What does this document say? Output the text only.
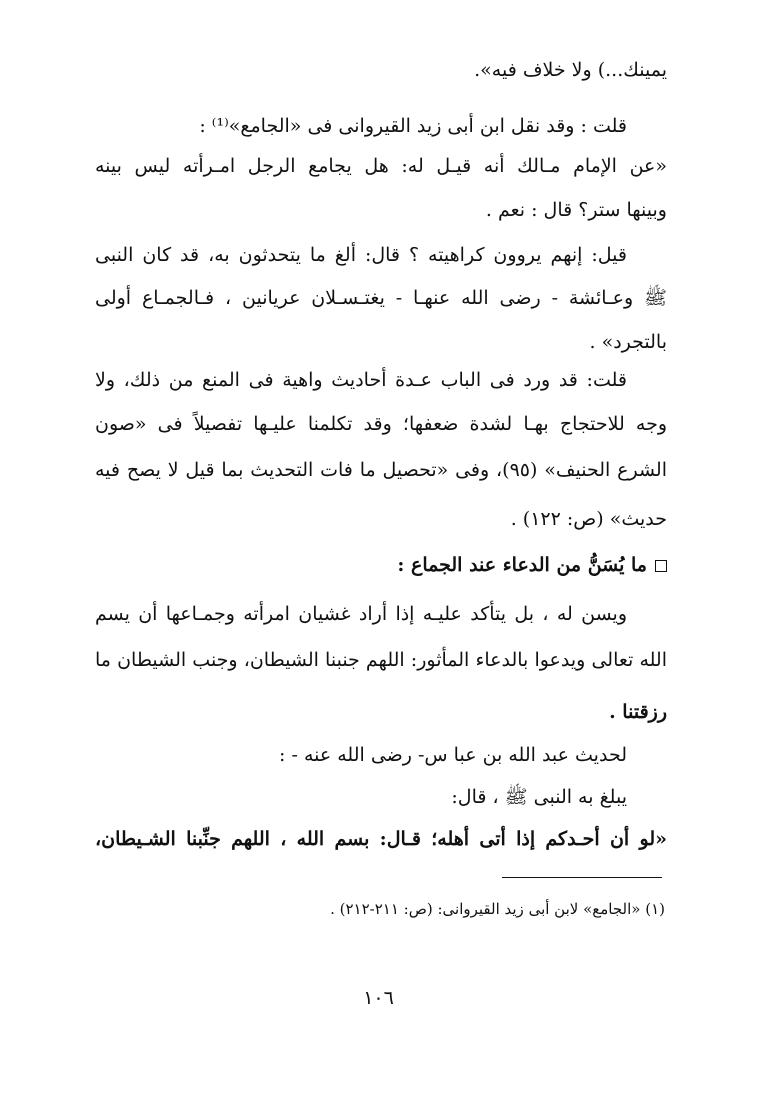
يمينك...) ولا خلاف فيه».
قلت : وقد نقل ابن أبى زيد القيروانى فى «الجامع»⁽¹⁾ :
«عن الإمام مـالك أنه قيـل له: هل يجامع الرجل امـرأته ليس بينه
وبينها ستر؟ قال : نعم .
قيل: إنهم يروون كراهيته ؟ قال: ألغ ما يتحدثون به، قد كان النبى
ﷺ وعـائشة - رضى الله عنهـا - يغتـسـلان عريانين ، فـالجمـاع أولى
بالتجرد» .
قلت: قد ورد فى الباب عـدة أحاديث واهية فى المنع من ذلك، ولا
وجه للاحتجاج بهـا لشدة ضعفها؛ وقد تكلمنا عليـها تفصيلاً فى «صون
الشرع الحنيف» (٩٥)، وفى «تحصيل ما فات التحديث بما قيل لا يصح فيه
حديث» (ص: ١٢٢) .
ما يُسَنُّ من الدعاء عند الجماع :
ويسن له ، بل يتأكد عليـه إذا أراد غشيان امرأته وجمـاعها أن يسم
الله تعالى ويدعوا بالدعاء المأثور: اللهم جنبنا الشيطان، وجنب الشيطان ما
رزقتنا .
لحديث عبد الله بن عبا س- رضى الله عنه - :
يبلغ به النبى ﷺ ، قال:
«لو أن أحـدكم إذا أتى أهله؛ قـال: بسم الله ، اللهم جنِّبنا الشـيطان،
(١) «الجامع» لابن أبى زيد القيروانى: (ص: ٢١١-٢١٢) .
١٠٦
